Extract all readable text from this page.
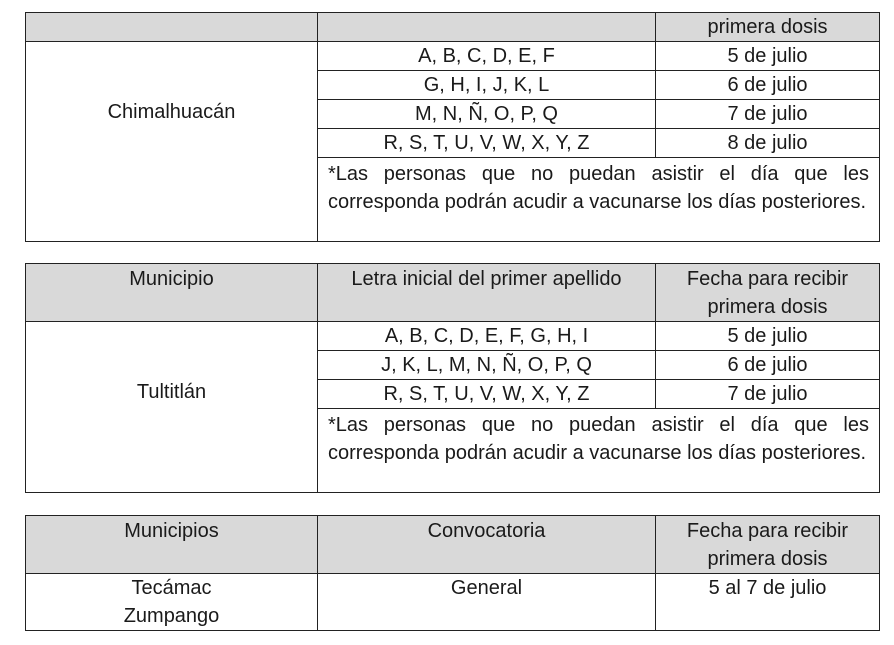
		primera dosis
Chimalhuacán	A, B, C, D, E, F	5 de julio
	G, H, I, J, K, L	6 de julio
	M, N, Ñ, O, P, Q	7 de julio
	R, S, T, U, V, W, X, Y, Z	8 de julio
	*Las personas que no puedan asistir el día que les corresponda podrán acudir a vacunarse los días posteriores.	
Municipio	Letra inicial del primer apellido	Fecha para recibir
primera dosis

Tultitlán	A, B, C, D, E, F, G, H, I	5 de julio
	J, K, L, M, N, Ñ, O, P, Q	6 de julio
	R, S, T, U, V, W, X, Y, Z	7 de julio
	*Las personas que no puedan asistir el día que les corresponda podrán acudir a vacunarse los días posteriores.	
Municipios	Convocatoria	Fecha para recibir
primera dosis

Tecámac
Zumpango	General	5 al 7 de julio
